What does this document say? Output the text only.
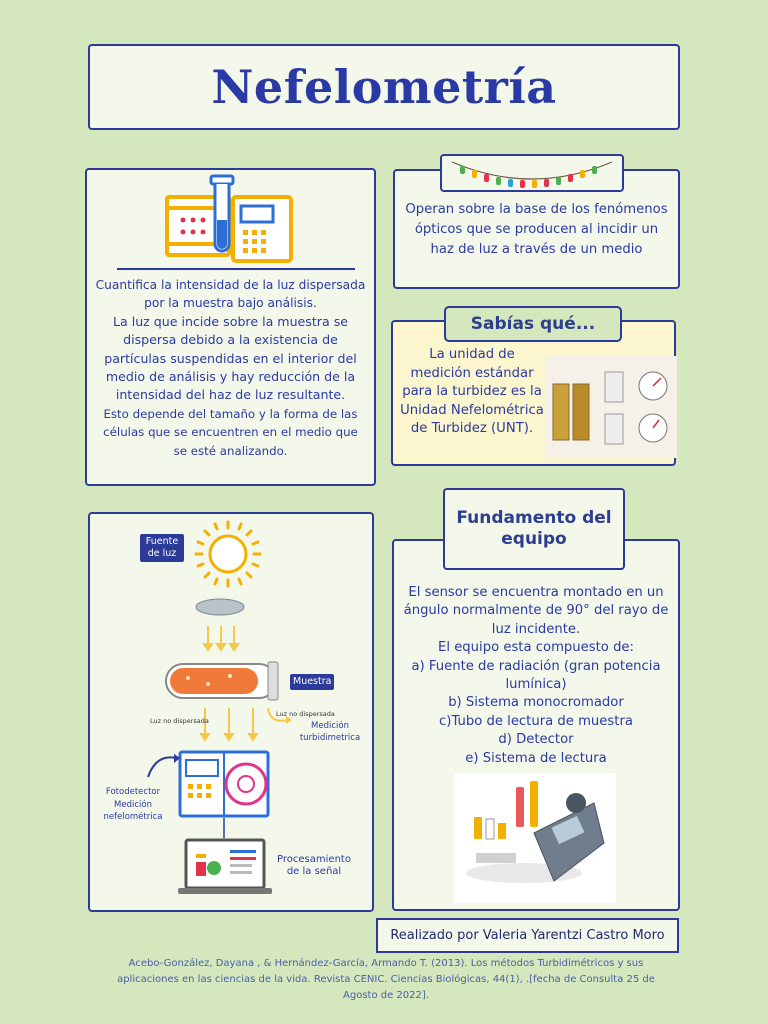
Nefelometría
Cuantifica la intensidad de la luz dispersada por la muestra bajo análisis.
La luz que incide sobre la muestra se dispersa debido a la existencia de partículas suspendidas en el interior del medio de análisis y hay reducción de la intensidad del haz de luz resultante.
Esto depende del tamaño y la forma de las células que se encuentren en el medio que se esté analizando.
Operan sobre la base de los fenómenos ópticos que se producen al incidir un haz de luz a través de un medio
La unidad de medición estándar para la turbidez es la Unidad Nefelométrica de Turbidez (UNT).
Sabías qué...
Fuente de luz
Muestra
Luz no dispersada
Luz no dispersada
Medición turbidimetrica
Fotodetector
Medición nefelométrica
Procesamiento de la señal
El sensor se encuentra montado en un ángulo normalmente de 90° del rayo de luz incidente.
El equipo esta compuesto de:
a) Fuente de radiación (gran potencia lumínica)
b) Sistema monocromador
c)Tubo de lectura de muestra
d) Detector
e) Sistema de lectura
Fundamento del equipo
Realizado por Valeria Yarentzi Castro Moro
Acebo-González, Dayana , & Hernández-García, Armando T. (2013). Los métodos Turbidimétricos y sus aplicaciones en las ciencias de la vida. Revista CENIC. Ciencias Biológicas, 44(1), .[fecha de Consulta 25 de Agosto de 2022].
